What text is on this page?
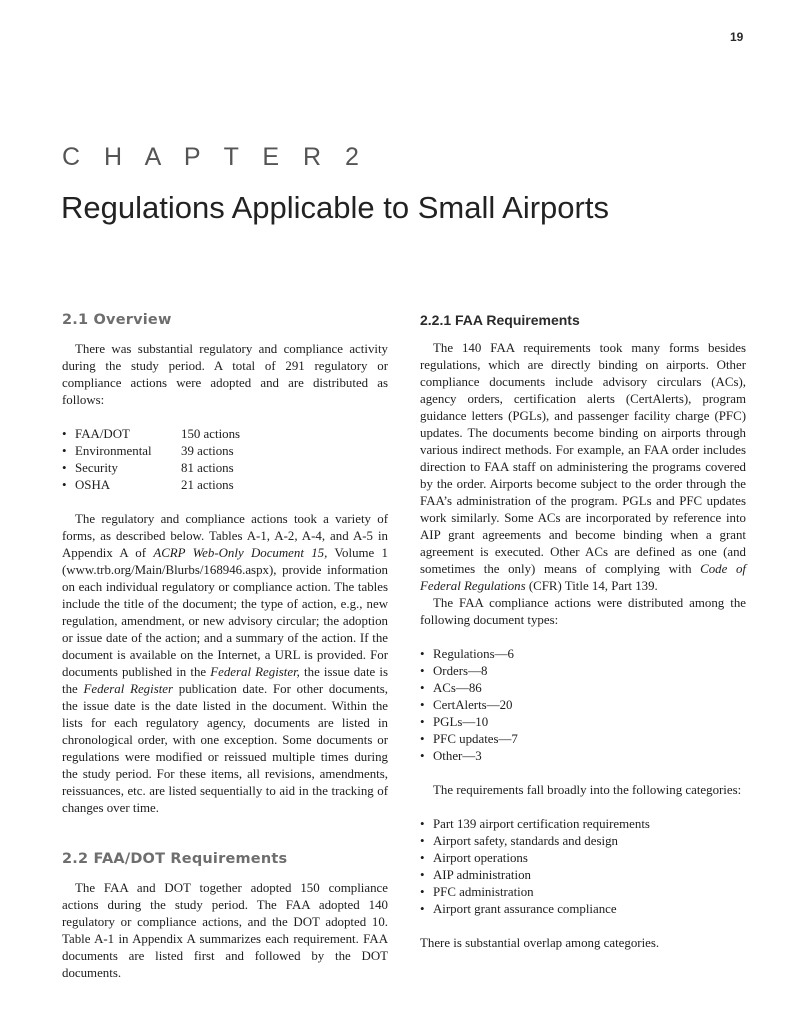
19
C H A P T E R 2
Regulations Applicable to Small Airports
2.1 Overview

There was substantial regulatory and compliance activity during the study period. A total of 291 regulatory or compliance actions were adopted and are distributed as follows:

• FAA/DOT	150 actions
• Environmental 39 actions
• Security	81 actions
• OSHA	21 actions

The regulatory and compliance actions took a variety of forms, as described below. Tables A-1, A-2, A-4, and A-5 in Appendix A of ACRP Web-Only Document 15, Volume 1 (www.trb.org/Main/Blurbs/168946.aspx), provide information on each individual regulatory or compliance action. The tables include the title of the document; the type of action, e.g., new regulation, amendment, or new advisory circular; the adoption or issue date of the action; and a summary of the action. If the document is available on the Internet, a URL is provided. For documents published in the Federal Register, the issue date is the Federal Register publication date. For other documents, the issue date is the date listed in the document. Within the lists for each regulatory agency, documents are listed in chronological order, with one exception. Some documents or regulations were modified or reissued multiple times during the study period. For these items, all revisions, amendments, reissuances, etc. are listed sequentially to aid in the tracking of changes over time.

2.2 FAA/DOT Requirements

The FAA and DOT together adopted 150 compliance actions during the study period. The FAA adopted 140 regulatory or compliance actions, and the DOT adopted 10. Table A-1 in Appendix A summarizes each requirement. FAA documents are listed first and followed by the DOT documents.

2.2.1 FAA Requirements

The 140 FAA requirements took many forms besides regulations, which are directly binding on airports. Other compliance documents include advisory circulars (ACs), agency orders, certification alerts (CertAlerts), program guidance letters (PGLs), and passenger facility charge (PFC) updates. The documents become binding on airports through various indirect methods. For example, an FAA order includes direction to FAA staff on administering the programs covered by the order. Airports become subject to the order through the FAA’s administration of the program. PGLs and PFC updates work similarly. Some ACs are incorporated by reference into AIP grant agreements and become binding when a grant agreement is executed. Other ACs are defined as one (and sometimes the only) means of complying with Code of Federal Regulations (CFR) Title 14, Part 139.

The FAA compliance actions were distributed among the following document types:

• Regulations—6
• Orders—8
• ACs—86
• CertAlerts—20
• PGLs—10
• PFC updates—7
• Other—3

The requirements fall broadly into the following categories:

• Part 139 airport certification requirements
• Airport safety, standards and design
• Airport operations
• AIP administration
• PFC administration
• Airport grant assurance compliance

There is substantial overlap among categories.
